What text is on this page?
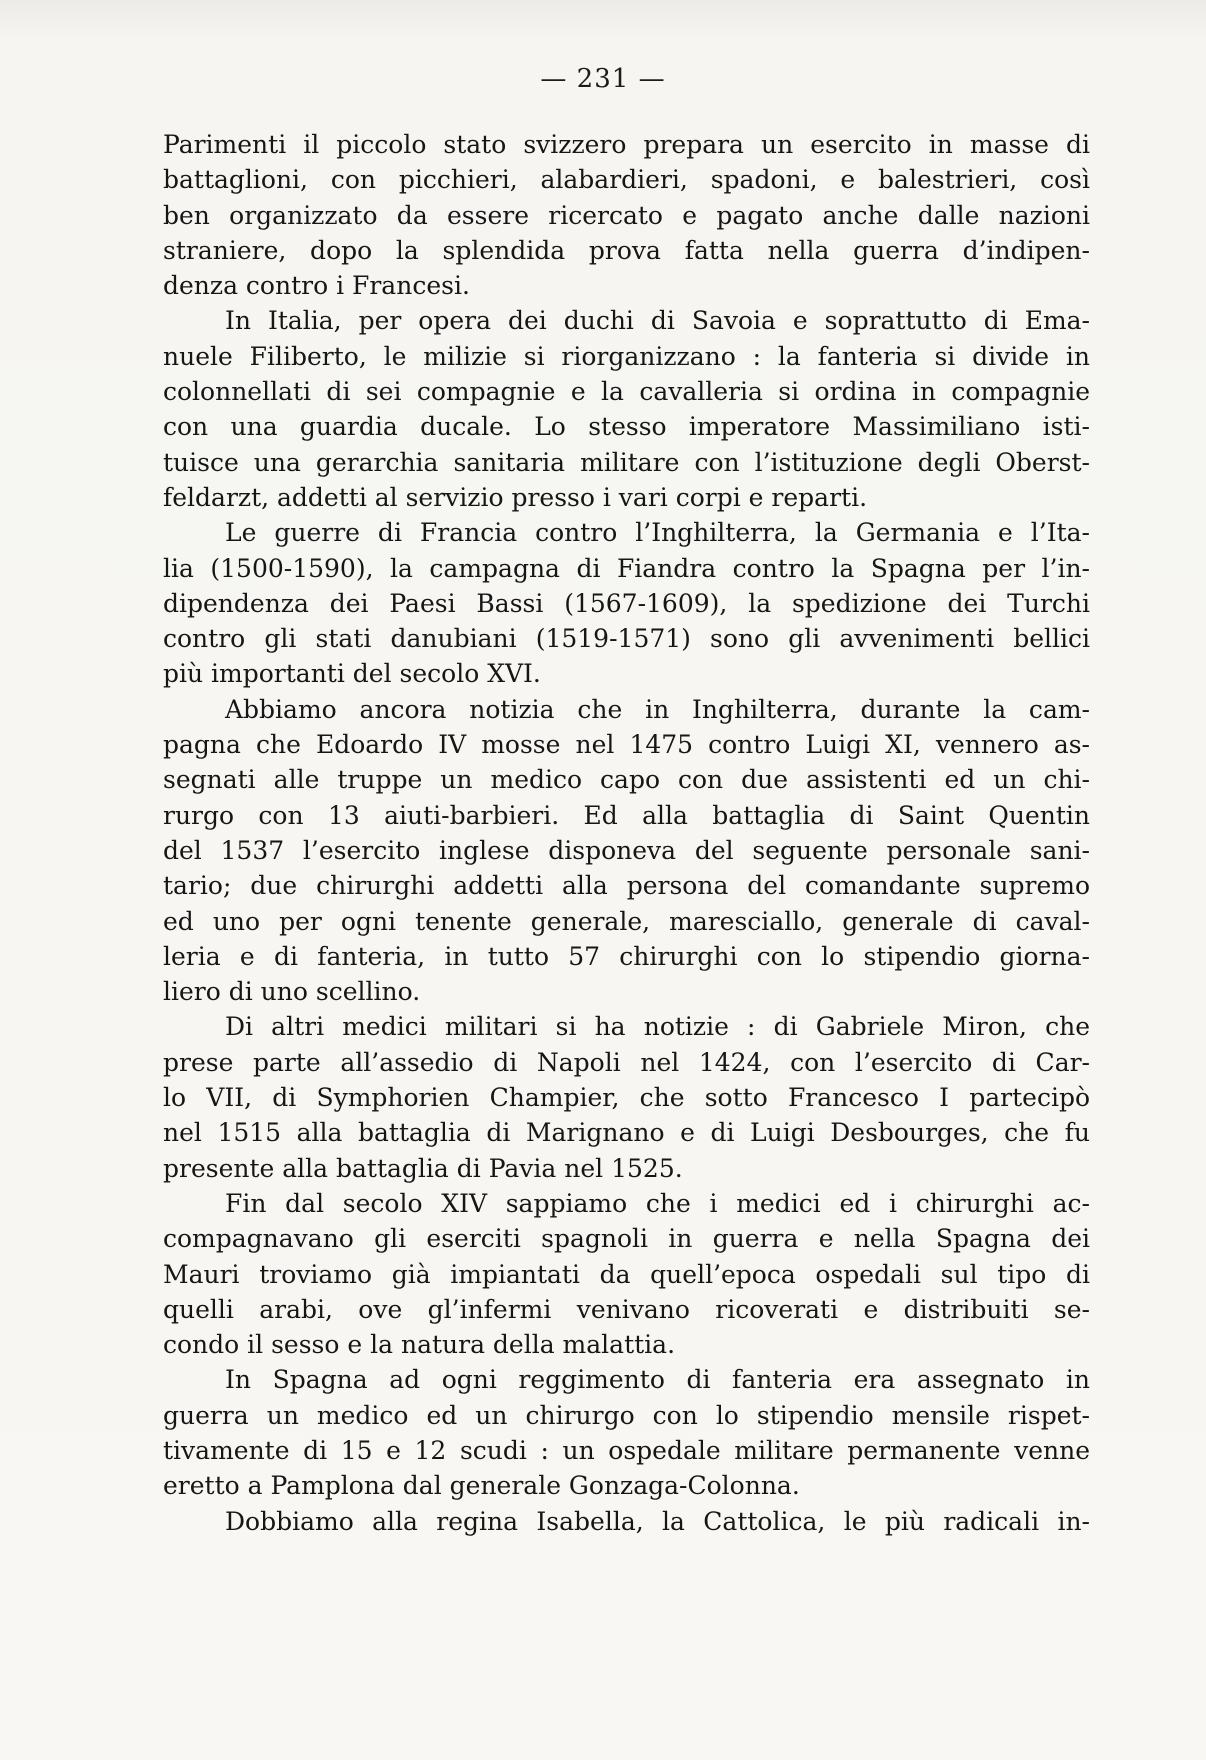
— 231 —
Parimenti il piccolo stato svizzero prepara un esercito in masse di
battaglioni, con picchieri, alabardieri, spadoni, e balestrieri, così
ben organizzato da essere ricercato e pagato anche dalle nazioni
straniere, dopo la splendida prova fatta nella guerra d’indipen-
denza contro i Francesi.
In Italia, per opera dei duchi di Savoia e soprattutto di Ema-
nuele Filiberto, le milizie si riorganizzano : la fanteria si divide in
colonnellati di sei compagnie e la cavalleria si ordina in compagnie
con una guardia ducale. Lo stesso imperatore Massimiliano isti-
tuisce una gerarchia sanitaria militare con l’istituzione degli Oberst-
feldarzt, addetti al servizio presso i vari corpi e reparti.
Le guerre di Francia contro l’Inghilterra, la Germania e l’Ita-
lia (1500-1590), la campagna di Fiandra contro la Spagna per l’in-
dipendenza dei Paesi Bassi (1567-1609), la spedizione dei Turchi
contro gli stati danubiani (1519-1571) sono gli avvenimenti bellici
più importanti del secolo XVI.
Abbiamo ancora notizia che in Inghilterra, durante la cam-
pagna che Edoardo IV mosse nel 1475 contro Luigi XI, vennero as-
segnati alle truppe un medico capo con due assistenti ed un chi-
rurgo con 13 aiuti-barbieri. Ed alla battaglia di Saint Quentin
del 1537 l’esercito inglese disponeva del seguente personale sani-
tario; due chirurghi addetti alla persona del comandante supremo
ed uno per ogni tenente generale, maresciallo, generale di caval-
leria e di fanteria, in tutto 57 chirurghi con lo stipendio giorna-
liero di uno scellino.
Di altri medici militari si ha notizie : di Gabriele Miron, che
prese parte all’assedio di Napoli nel 1424, con l’esercito di Car-
lo VII, di Symphorien Champier, che sotto Francesco I partecipò
nel 1515 alla battaglia di Marignano e di Luigi Desbourges, che fu
presente alla battaglia di Pavia nel 1525.
Fin dal secolo XIV sappiamo che i medici ed i chirurghi ac-
compagnavano gli eserciti spagnoli in guerra e nella Spagna dei
Mauri troviamo già impiantati da quell’epoca ospedali sul tipo di
quelli arabi, ove gl’infermi venivano ricoverati e distribuiti se-
condo il sesso e la natura della malattia.
In Spagna ad ogni reggimento di fanteria era assegnato in
guerra un medico ed un chirurgo con lo stipendio mensile rispet-
tivamente di 15 e 12 scudi : un ospedale militare permanente venne
eretto a Pamplona dal generale Gonzaga-Colonna.
Dobbiamo alla regina Isabella, la Cattolica, le più radicali in-
